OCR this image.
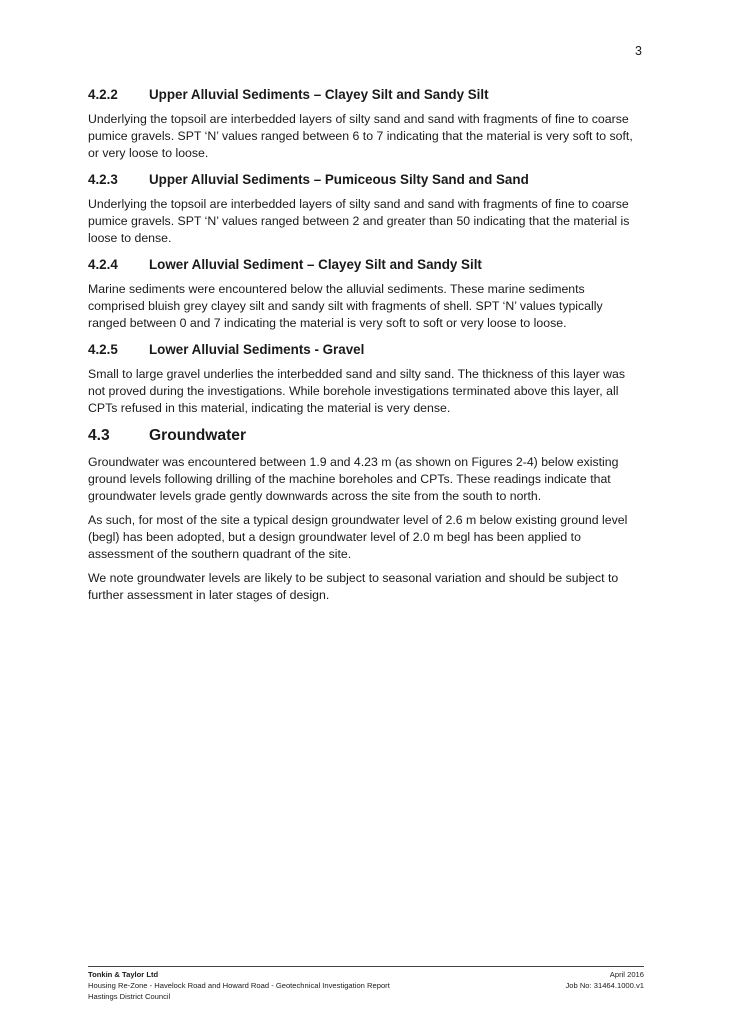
3
4.2.2	Upper Alluvial Sediments – Clayey Silt and Sandy Silt

Underlying the topsoil are interbedded layers of silty sand and sand with fragments of fine to coarse pumice gravels. SPT ‘N’ values ranged between 6 to 7 indicating that the material is very soft to soft, or very loose to loose.

4.2.3	Upper Alluvial Sediments – Pumiceous Silty Sand and Sand

Underlying the topsoil are interbedded layers of silty sand and sand with fragments of fine to coarse pumice gravels. SPT ‘N’ values ranged between 2 and greater than 50 indicating that the material is loose to dense.

4.2.4	Lower Alluvial Sediment – Clayey Silt and Sandy Silt

Marine sediments were encountered below the alluvial sediments. These marine sediments comprised bluish grey clayey silt and sandy silt with fragments of shell. SPT ‘N’ values typically ranged between 0 and 7 indicating the material is very soft to soft or very loose to loose.

4.2.5	Lower Alluvial Sediments - Gravel

Small to large gravel underlies the interbedded sand and silty sand. The thickness of this layer was not proved during the investigations. While borehole investigations terminated above this layer, all CPTs refused in this material, indicating the material is very dense.

4.3	Groundwater

Groundwater was encountered between 1.9 and 4.23 m (as shown on Figures 2-4) below existing ground levels following drilling of the machine boreholes and CPTs. These readings indicate that groundwater levels grade gently downwards across the site from the south to north.

As such, for most of the site a typical design groundwater level of 2.6 m below existing ground level (begl) has been adopted, but a design groundwater level of 2.0 m begl has been applied to assessment of the southern quadrant of the site.

We note groundwater levels are likely to be subject to seasonal variation and should be subject to further assessment in later stages of design.

Tonkin & Taylor Ltd
Housing Re-Zone - Havelock Road and Howard Road - Geotechnical Investigation Report
Hastings District Council
April 2016
Job No: 31464.1000.v1
